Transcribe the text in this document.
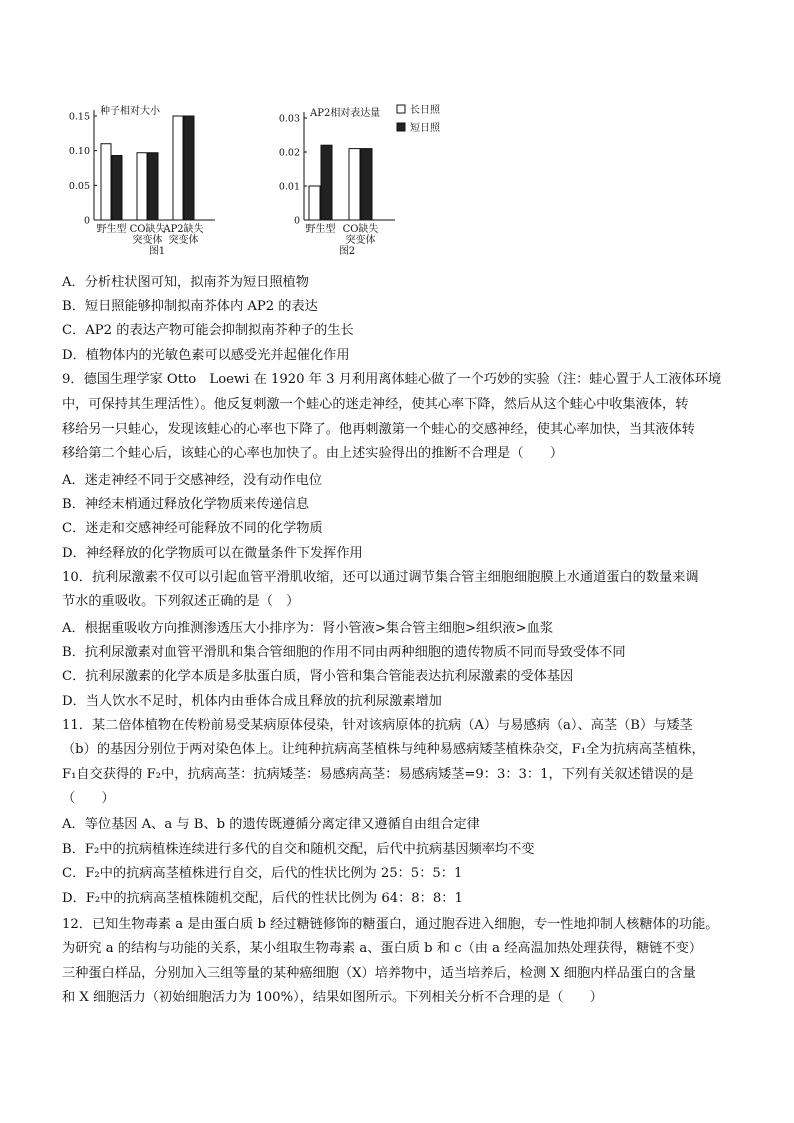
种子相对大小
0
0.05
0.10
0.15
野生型 CO缺失
突变体
AP2缺失
突变体
图1
AP2相对表达量
0
0.01
0.02
0.03
野生型 CO缺失
突变体
图2
长日照
短日照
A．分析柱状图可知，拟南芥为短日照植物
B．短日照能够抑制拟南芥体内 AP2 的表达
C．AP2 的表达产物可能会抑制拟南芥种子的生长
D．植物体内的光敏色素可以感受光并起催化作用
9．德国生理学家 Otto　Loewi 在 1920 年 3 月利用离体蛙心做了一个巧妙的实验（注：蛙心置于人工液体环境
中，可保持其生理活性）。他反复刺激一个蛙心的迷走神经，使其心率下降，然后从这个蛙心中收集液体，转
移给另一只蛙心，发现该蛙心的心率也下降了。他再刺激第一个蛙心的交感神经，使其心率加快，当其液体转
移给第二个蛙心后，该蛙心的心率也加快了。由上述实验得出的推断不合理是（　　）
A．迷走神经不同于交感神经，没有动作电位
B．神经末梢通过释放化学物质来传递信息
C．迷走和交感神经可能释放不同的化学物质
D．神经释放的化学物质可以在微量条件下发挥作用
10．抗利尿激素不仅可以引起血管平滑肌收缩，还可以通过调节集合管主细胞细胞膜上水通道蛋白的数量来调
节水的重吸收。下列叙述正确的是（　）
A．根据重吸收方向推测渗透压大小排序为：肾小管液>集合管主细胞>组织液>血浆
B．抗利尿激素对血管平滑肌和集合管细胞的作用不同由两种细胞的遗传物质不同而导致受体不同
C．抗利尿激素的化学本质是多肽蛋白质，肾小管和集合管能表达抗利尿激素的受体基因
D．当人饮水不足时，机体内由垂体合成且释放的抗利尿激素增加
11．某二倍体植物在传粉前易受某病原体侵染，针对该病原体的抗病（A）与易感病（a）、高茎（B）与矮茎
（b）的基因分别位于两对染色体上。让纯种抗病高茎植株与纯种易感病矮茎植株杂交，F₁全为抗病高茎植株，
F₁自交获得的 F₂中，抗病高茎：抗病矮茎：易感病高茎：易感病矮茎=9：3：3：1，下列有关叙述错误的是
（　　）
A．等位基因 A、a 与 B、b 的遗传既遵循分离定律又遵循自由组合定律
B．F₂中的抗病植株连续进行多代的自交和随机交配，后代中抗病基因频率均不变
C．F₂中的抗病高茎植株进行自交，后代的性状比例为 25：5：5：1
D．F₂中的抗病高茎植株随机交配，后代的性状比例为 64：8：8：1
12．已知生物毒素 a 是由蛋白质 b 经过糖链修饰的糖蛋白，通过胞吞进入细胞，专一性地抑制人核糖体的功能。
为研究 a 的结构与功能的关系，某小组取生物毒素 a、蛋白质 b 和 c（由 a 经高温加热处理获得，糖链不变）
三种蛋白样品，分别加入三组等量的某种癌细胞（X）培养物中，适当培养后，检测 X 细胞内样品蛋白的含量
和 X 细胞活力（初始细胞活力为 100%），结果如图所示。下列相关分析不合理的是（　　）
